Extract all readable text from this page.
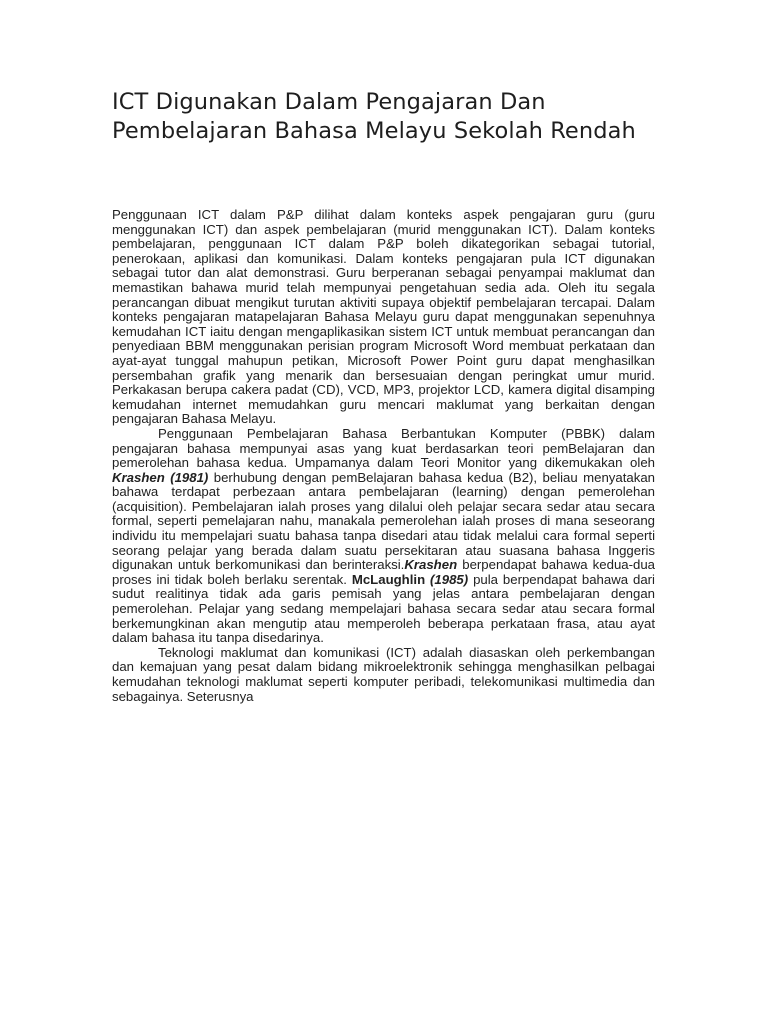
ICT Digunakan Dalam Pengajaran Dan Pembelajaran Bahasa Melayu Sekolah Rendah

Penggunaan ICT dalam P&P dilihat dalam konteks aspek pengajaran guru (guru menggunakan ICT) dan aspek pembelajaran (murid menggunakan ICT). Dalam konteks pembelajaran, penggunaan ICT dalam P&P boleh dikategorikan sebagai tutorial, penerokaan, aplikasi dan komunikasi. Dalam konteks pengajaran pula ICT digunakan sebagai tutor dan alat demonstrasi. Guru berperanan sebagai penyampai maklumat dan memastikan bahawa murid telah mempunyai pengetahuan sedia ada. Oleh itu segala perancangan dibuat mengikut turutan aktiviti supaya objektif pembelajaran tercapai. Dalam konteks pengajaran matapelajaran Bahasa Melayu guru dapat menggunakan sepenuhnya kemudahan ICT iaitu dengan mengaplikasikan sistem ICT untuk membuat perancangan dan penyediaan BBM menggunakan perisian program Microsoft Word membuat perkataan dan ayat-ayat tunggal mahupun petikan, Microsoft Power Point guru dapat menghasilkan persembahan grafik yang menarik dan bersesuaian dengan peringkat umur murid. Perkakasan berupa cakera padat (CD), VCD, MP3, projektor LCD, kamera digital disamping kemudahan internet memudahkan guru mencari maklumat yang berkaitan dengan pengajaran Bahasa Melayu.

Penggunaan Pembelajaran Bahasa Berbantukan Komputer (PBBK) dalam pengajaran bahasa mempunyai asas yang kuat berdasarkan teori pemBelajaran dan pemerolehan bahasa kedua. Umpamanya dalam Teori Monitor yang dikemukakan oleh Krashen (1981) berhubung dengan pemBelajaran bahasa kedua (B2), beliau menyatakan bahawa terdapat perbezaan antara pembelajaran (learning) dengan pemerolehan (acquisition). Pembelajaran ialah proses yang dilalui oleh pelajar secara sedar atau secara formal, seperti pemelajaran nahu, manakala pemerolehan ialah proses di mana seseorang individu itu mempelajari suatu bahasa tanpa disedari atau tidak melalui cara formal seperti seorang pelajar yang berada dalam suatu persekitaran atau suasana bahasa Inggeris digunakan untuk berkomunikasi dan berinteraksi.Krashen berpendapat bahawa kedua-dua proses ini tidak boleh berlaku serentak. McLaughlin (1985) pula berpendapat bahawa dari sudut realitinya tidak ada garis pemisah yang jelas antara pembelajaran dengan pemerolehan. Pelajar yang sedang mempelajari bahasa secara sedar atau secara formal berkemungkinan akan mengutip atau memperoleh beberapa perkataan frasa, atau ayat dalam bahasa itu tanpa disedarinya.

Teknologi maklumat dan komunikasi (ICT) adalah diasaskan oleh perkembangan dan kemajuan yang pesat dalam bidang mikroelektronik sehingga menghasilkan pelbagai kemudahan teknologi maklumat seperti komputer peribadi, telekomunikasi multimedia dan sebagainya. Seterusnya
